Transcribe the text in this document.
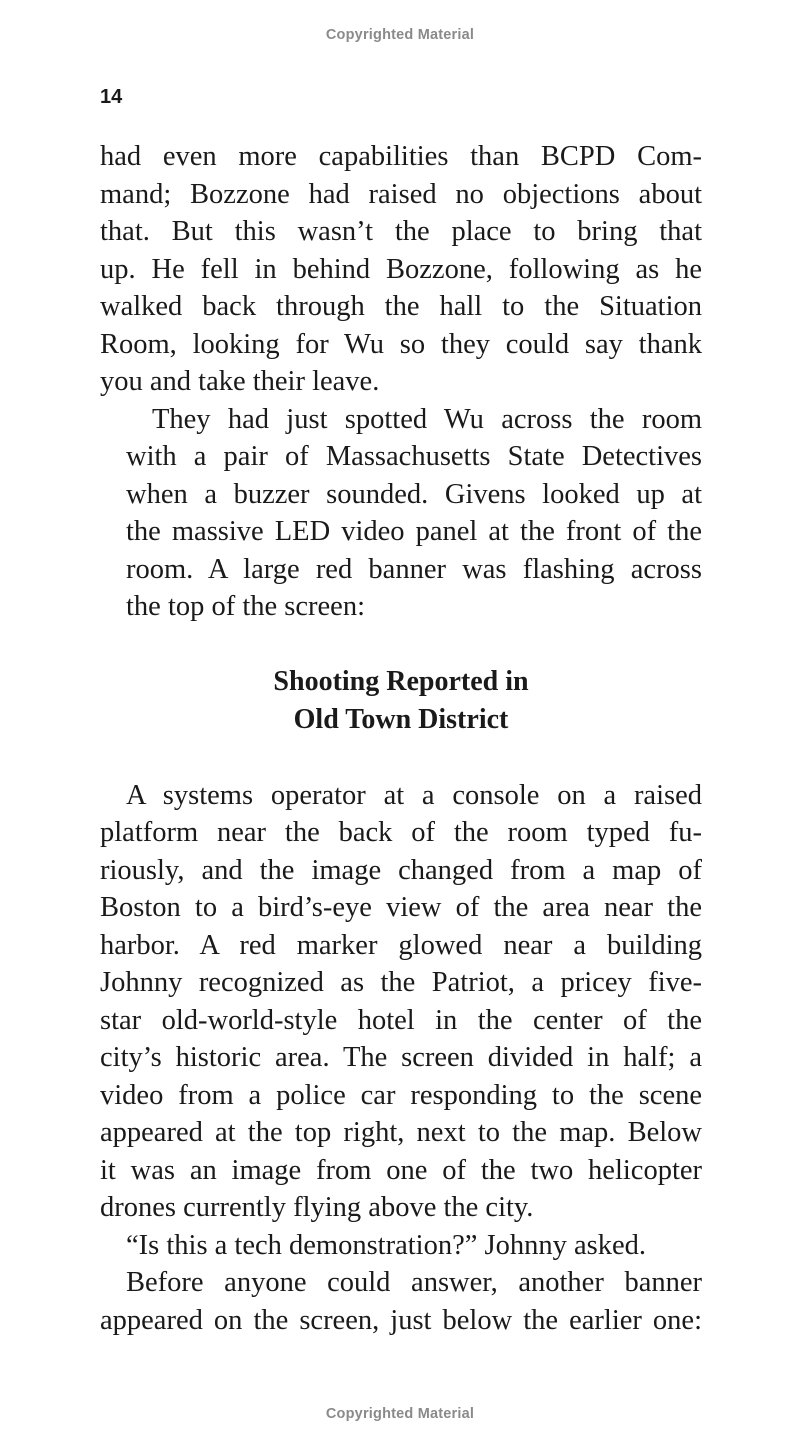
Copyrighted Material
14

had even more capabilities than BCPD Com-
mand; Bozzone had raised no objections about
that. But this wasn’t the place to bring that
up. He fell in behind Bozzone, following as he
walked back through the hall to the Situation
Room, looking for Wu so they could say thank
you and take their leave.

They had just spotted Wu across the room
with a pair of Massachusetts State Detectives
when a buzzer sounded. Givens looked up at
the massive LED video panel at the front of the
room. A large red banner was flashing across
the top of the screen:

Shooting Reported in
Old Town District

A systems operator at a console on a raised
platform near the back of the room typed fu-
riously, and the image changed from a map of
Boston to a bird’s-eye view of the area near the
harbor. A red marker glowed near a building
Johnny recognized as the Patriot, a pricey five-
star old-world-style hotel in the center of the
city’s historic area. The screen divided in half; a
video from a police car responding to the scene
appeared at the top right, next to the map. Below
it was an image from one of the two helicopter
drones currently flying above the city.

“Is this a tech demonstration?” Johnny asked.

Before anyone could answer, another banner
appeared on the screen, just below the earlier one:

Copyrighted Material
